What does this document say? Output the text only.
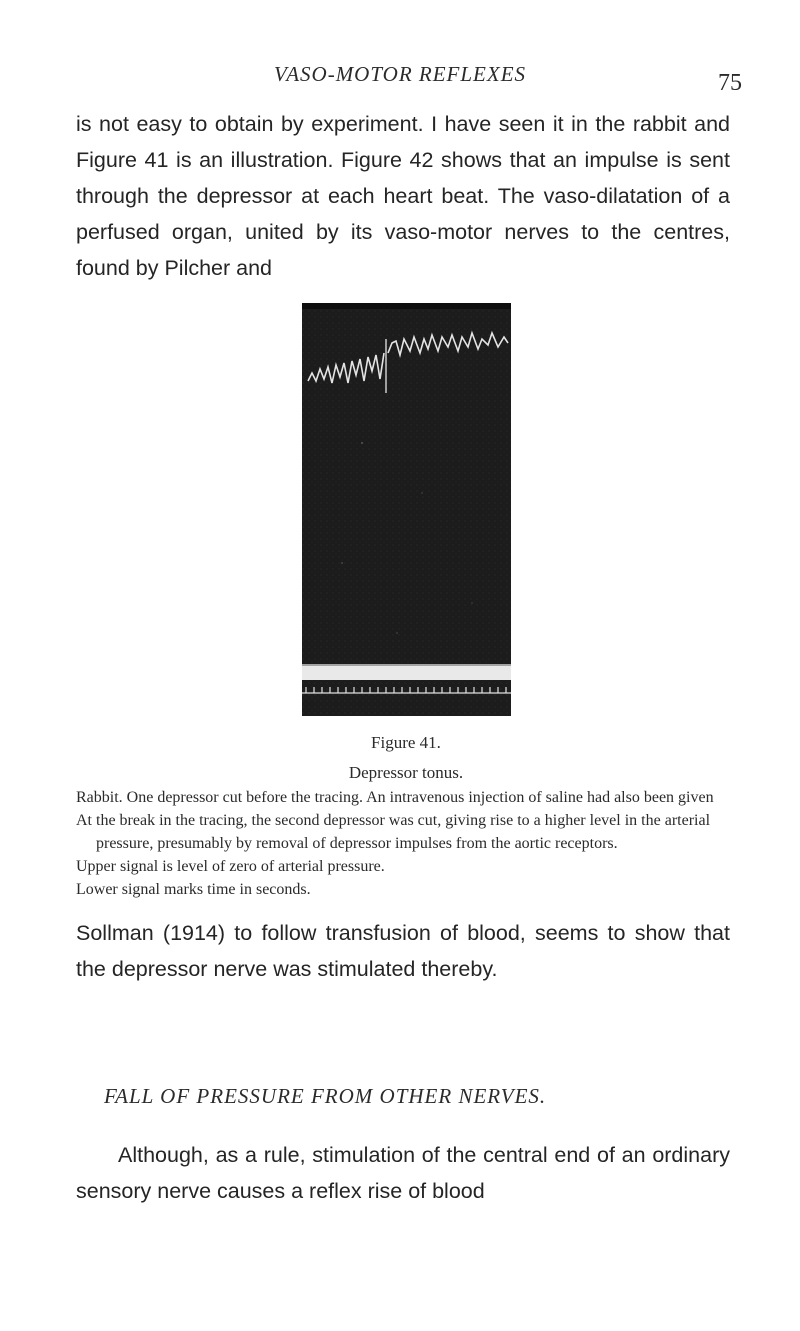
VASO-MOTOR REFLEXES	75
is not easy to obtain by experiment. I have seen it in the rabbit and Figure 41 is an illustration. Figure 42 shows that an impulse is sent through the depressor at each heart beat. The vaso-dilatation of a perfused organ, united by its vaso-motor nerves to the centres, found by Pilcher and
Figure 41.
Depressor tonus.

Rabbit. One depressor cut before the tracing. An intravenous injection of saline had also been given

At the break in the tracing, the second depressor was cut, giving rise to a higher level in the arterial pressure, presumably by removal of depressor impulses from the aortic receptors.

Upper signal is level of zero of arterial pressure.

Lower signal marks time in seconds.

Sollman (1914) to follow transfusion of blood, seems to show that the depressor nerve was stimulated thereby.
FALL OF PRESSURE FROM OTHER NERVES.
Although, as a rule, stimulation of the central end of an ordinary sensory nerve causes a reflex rise of blood
